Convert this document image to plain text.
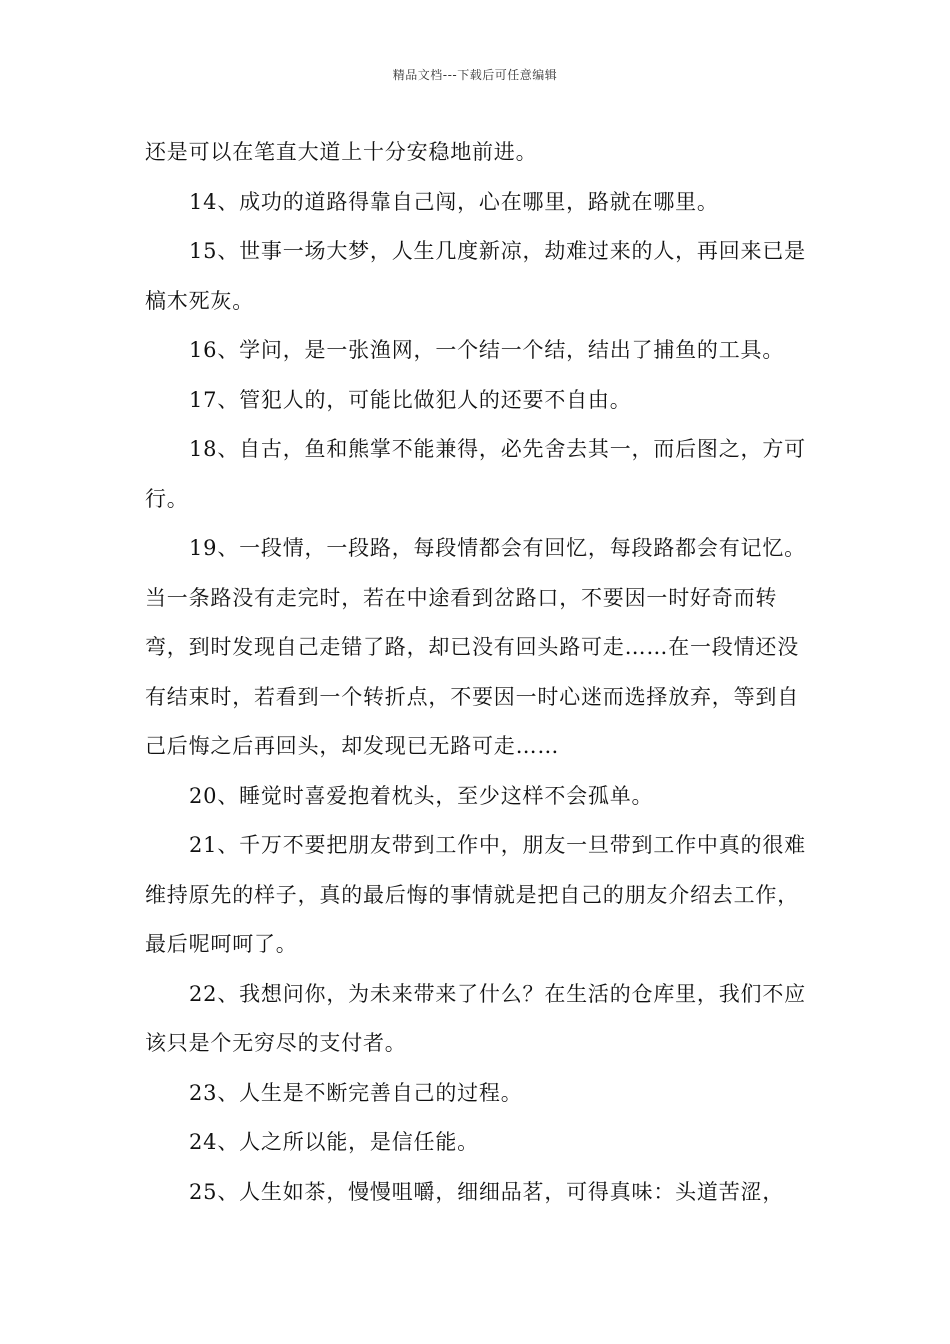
精品文档---下载后可任意编辑

还是可以在笔直大道上十分安稳地前进。

14、成功的道路得靠自己闯，心在哪里，路就在哪里。

15、世事一场大梦，人生几度新凉，劫难过来的人，再回来已是槁木死灰。

16、学问，是一张渔网，一个结一个结，结出了捕鱼的工具。

17、管犯人的，可能比做犯人的还要不自由。

18、自古，鱼和熊掌不能兼得，必先舍去其一，而后图之，方可行。

19、一段情，一段路，每段情都会有回忆，每段路都会有记忆。当一条路没有走完时，若在中途看到岔路口，不要因一时好奇而转弯，到时发现自己走错了路，却已没有回头路可走……在一段情还没有结束时，若看到一个转折点，不要因一时心迷而选择放弃，等到自己后悔之后再回头，却发现已无路可走……

20、睡觉时喜爱抱着枕头，至少这样不会孤单。

21、千万不要把朋友带到工作中，朋友一旦带到工作中真的很难维持原先的样子，真的最后悔的事情就是把自己的朋友介绍去工作，最后呢呵呵了。

22、我想问你，为未来带来了什么？在生活的仓库里，我们不应该只是个无穷尽的支付者。

23、人生是不断完善自己的过程。

24、人之所以能，是信任能。

25、人生如茶，慢慢咀嚼，细细品茗，可得真味：头道苦涩，
